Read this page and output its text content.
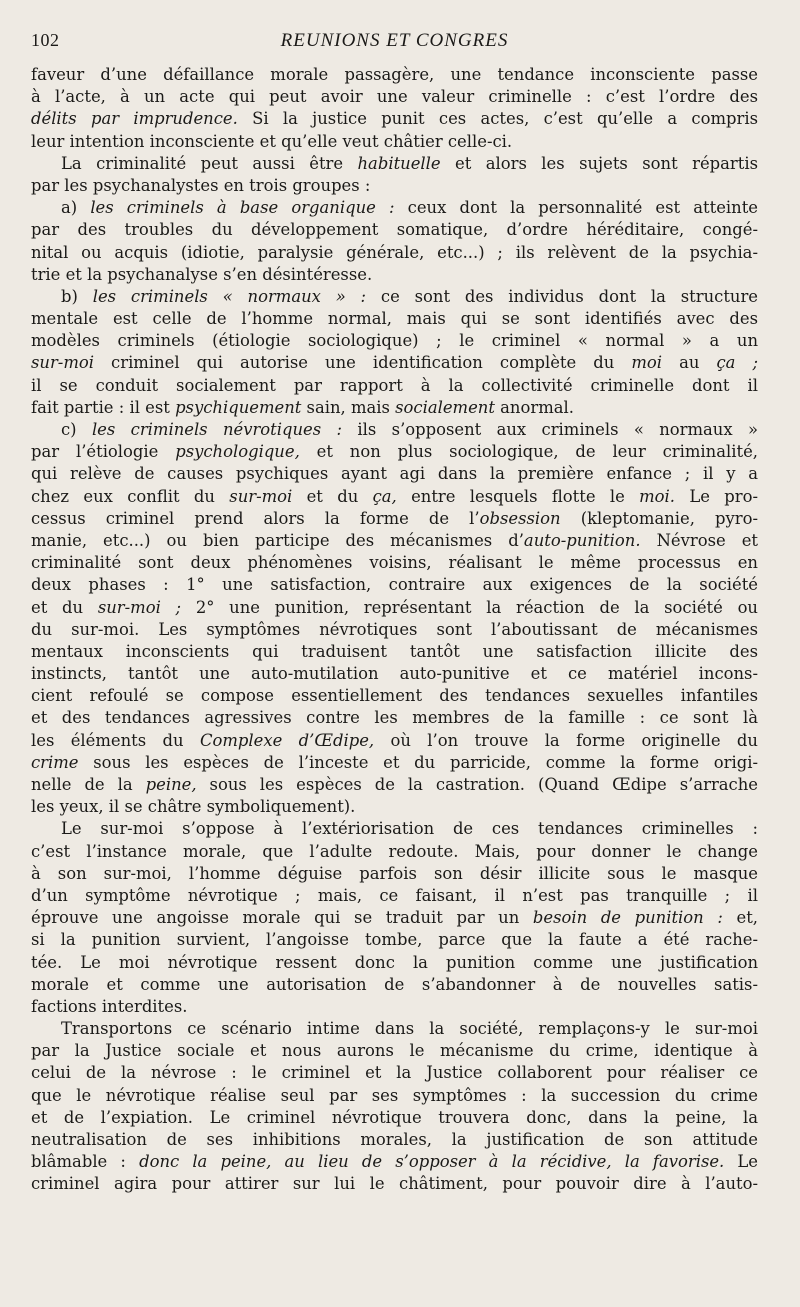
102	REUNIONS ET CONGRES
faveur d’une défaillance morale passagère, une tendance inconsciente passe
à l’acte, à un acte qui peut avoir une valeur criminelle : c’est l’ordre des
délits par imprudence. Si la justice punit ces actes, c’est qu’elle a compris
leur intention inconsciente et qu’elle veut châtier celle-ci.
La criminalité peut aussi être habituelle et alors les sujets sont répartis
par les psychanalystes en trois groupes :
a) les criminels à base organique : ceux dont la personnalité est atteinte
par des troubles du développement somatique, d’ordre héréditaire, congé-
nital ou acquis (idiotie, paralysie générale, etc...) ; ils relèvent de la psychia-
trie et la psychanalyse s’en désintéresse.
b) les criminels « normaux » : ce sont des individus dont la structure
mentale est celle de l’homme normal, mais qui se sont identifiés avec des
modèles criminels (étiologie sociologique) ; le criminel « normal » a un
sur-moi criminel qui autorise une identification complète du moi au ça ;
il se conduit socialement par rapport à la collectivité criminelle dont il
fait partie : il est psychiquement sain, mais socialement anormal.
c) les criminels névrotiques : ils s’opposent aux criminels « normaux »
par l’étiologie psychologique, et non plus sociologique, de leur criminalité,
qui relève de causes psychiques ayant agi dans la première enfance ; il y a
chez eux conflit du sur-moi et du ça, entre lesquels flotte le moi. Le pro-
cessus criminel prend alors la forme de l’obsession (kleptomanie, pyro-
manie, etc...) ou bien participe des mécanismes d’auto-punition. Névrose et
criminalité sont deux phénomènes voisins, réalisant le même processus en
deux phases : 1° une satisfaction, contraire aux exigences de la société
et du sur-moi ; 2° une punition, représentant la réaction de la société ou
du sur-moi. Les symptômes névrotiques sont l’aboutissant de mécanismes
mentaux inconscients qui traduisent tantôt une satisfaction illicite des
instincts, tantôt une auto-mutilation auto-punitive et ce matériel incons-
cient refoulé se compose essentiellement des tendances sexuelles infantiles
et des tendances agressives contre les membres de la famille : ce sont là
les éléments du Complexe d’Œdipe, où l’on trouve la forme originelle du
crime sous les espèces de l’inceste et du parricide, comme la forme origi-
nelle de la peine, sous les espèces de la castration. (Quand Œdipe s’arrache
les yeux, il se châtre symboliquement).
Le sur-moi s’oppose à l’extériorisation de ces tendances criminelles :
c’est l’instance morale, que l’adulte redoute. Mais, pour donner le change
à son sur-moi, l’homme déguise parfois son désir illicite sous le masque
d’un symptôme névrotique ; mais, ce faisant, il n’est pas tranquille ; il
éprouve une angoisse morale qui se traduit par un besoin de punition : et,
si la punition survient, l’angoisse tombe, parce que la faute a été rache-
tée. Le moi névrotique ressent donc la punition comme une justification
morale et comme une autorisation de s’abandonner à de nouvelles satis-
factions interdites.
Transportons ce scénario intime dans la société, remplaçons-y le sur-moi
par la Justice sociale et nous aurons le mécanisme du crime, identique à
celui de la névrose : le criminel et la Justice collaborent pour réaliser ce
que le névrotique réalise seul par ses symptômes : la succession du crime
et de l’expiation. Le criminel névrotique trouvera donc, dans la peine, la
neutralisation de ses inhibitions morales, la justification de son attitude
blâmable : donc la peine, au lieu de s’opposer à la récidive, la favorise. Le
criminel agira pour attirer sur lui le châtiment, pour pouvoir dire à l’auto-
